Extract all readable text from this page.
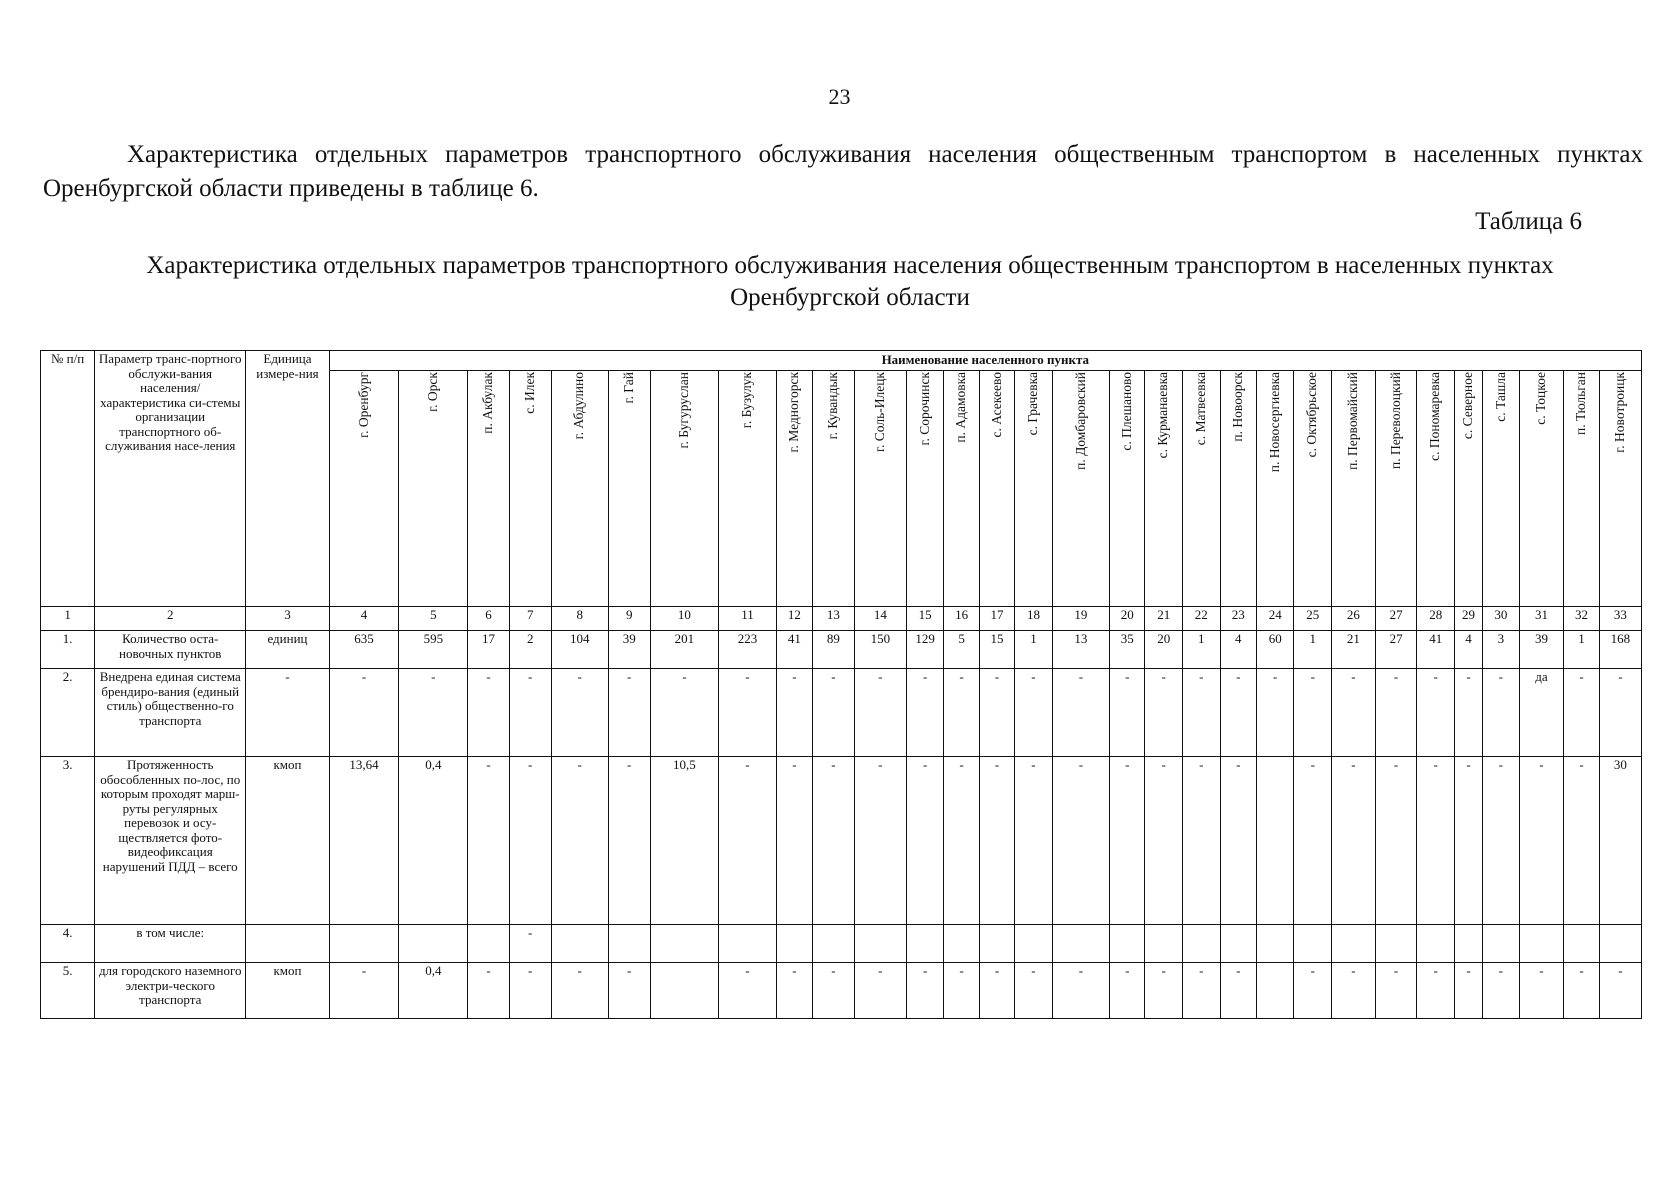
23
Характеристика отдельных параметров транспортного обслуживания населения общественным транспортом в населенных пунктах Оренбургской области приведены в таблице 6.
Таблица 6
Характеристика отдельных параметров транспортного обслуживания населения общественным транспортом в населенных пунктах Оренбургской области
№ п/п	Параметр транс-портного обслужи-вания населения/ характеристика си-стемы организации транспортного об-служивания насе-ления	Единица измере-ния	Наименование населенного пункта																													
			г. Оренбург	г. Орск	п. Акбулак	с. Илек	г. Абдулино	г. Гай	г. Бугуруслан	г. Бузулук	г. Медногорск	г. Кувандык	г. Соль-Илецк	г. Сорочинск	п. Адамовка	с. Асекеево	с. Грачевка	п. Домбаровский	с. Плешаново	с. Курманаевка	с. Матвеевка	п. Новоорск	п. Новосергиевка	с. Октябрьское	п. Первомайский	п. Переволоцкий	с. Пономаревка	с. Северное	с. Ташла	с. Тоцкое	п. Тюльган	г. Новотроицк
1	2	3	4	5	6	7	8	9	10	11	12	13	14	15	16	17	18	19	20	21	22	23	24	25	26	27	28	29	30	31	32	33
1.	Количество оста-новочных пунктов	единиц	635	595	17	2	104	39	201	223	41	89	150	129	5	15	1	13	35	20	1	4	60	1	21	27	41	4	3	39	1	168
2.	Внедрена единая система брендиро-вания (единый стиль) общественно-го транспорта	-	-	-	-	-	-	-	-	-	-	-	-	-	-	-	-	-	-	-	-	-	-	-	-	-	-	-	-	да	-	-
3.	Протяженность обособленных по-лос, по которым проходят марш-руты регулярных перевозок и осу-ществляется фото-видеофиксация нарушений ПДД – всего	кмоп	13,64	0,4	-	-	-	-	10,5	-	-	-	-	-	-	-	-	-	-	-	-	-		-	-	-	-	-	-	-	-	30
4.	в том числе:					-																										
5.	для городского наземного электри-ческого транспорта	кмоп	-	0,4	-	-	-	-		-	-	-	-	-	-	-	-	-	-	-	-	-		-	-	-	-	-	-	-	-	-
